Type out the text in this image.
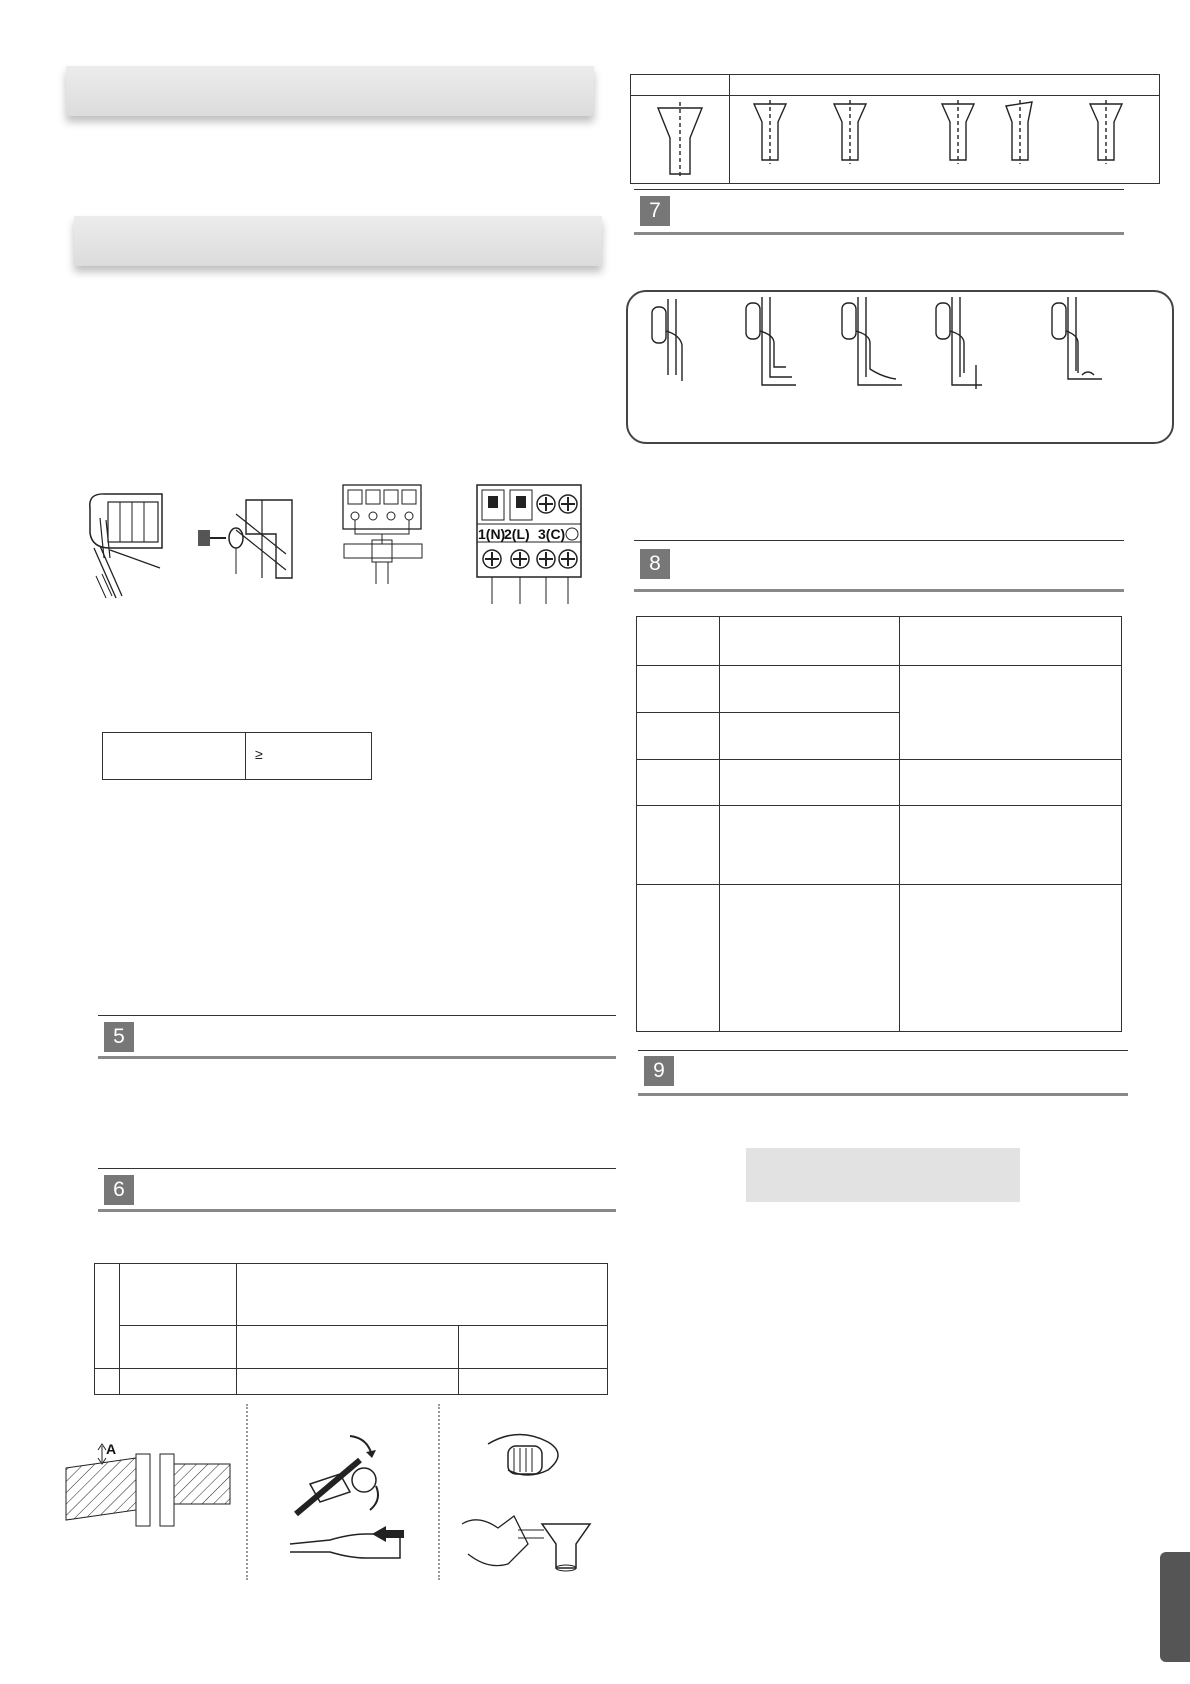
1(N)
2(L) 3(C)
≥
5
6
A
7
8
9
